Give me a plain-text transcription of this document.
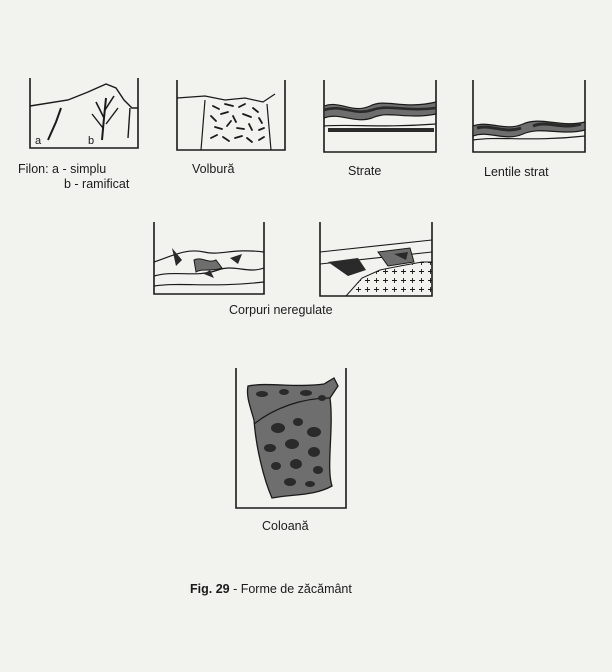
a	b
Filon: a - simplu
b - ramificat
Volbură	Strate	Lentile strat
Corpuri neregulate
Coloană
Fig. 29 - Forme de zăcământ
